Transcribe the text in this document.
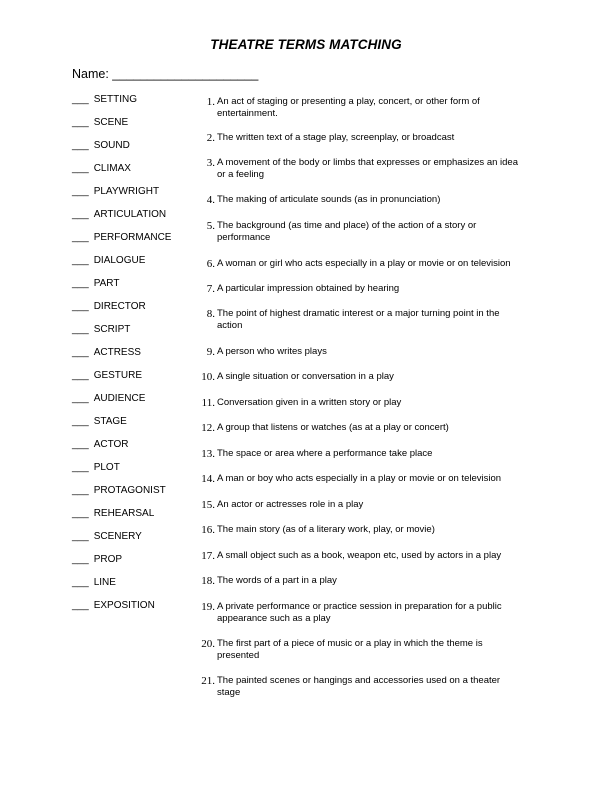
THEATRE TERMS MATCHING
Name: _____________________
___ SETTING
___ SCENE
___ SOUND
___ CLIMAX
___ PLAYWRIGHT
___ ARTICULATION
___ PERFORMANCE
___ DIALOGUE
___ PART
___ DIRECTOR
___ SCRIPT
___ ACTRESS
___ GESTURE
___ AUDIENCE
___ STAGE
___ ACTOR
___ PLOT
___ PROTAGONIST
___ REHEARSAL
___ SCENERY
___ PROP
___ LINE
___ EXPOSITION
1. An act of staging or presenting a play, concert, or other form of entertainment.
2. The written text of a stage play, screenplay, or broadcast
3. A movement of the body or limbs that expresses or emphasizes an idea or a feeling
4. The making of articulate sounds (as in pronunciation)
5. The background (as time and place) of the action of a story or performance
6. A woman or girl who acts especially in a play or movie or on television
7. A particular impression obtained by hearing
8. The point of highest dramatic interest or a major turning point in the action
9. A person who writes plays
10. A single situation or conversation in a play
11. Conversation given in a written story or play
12. A group that listens or watches (as at a play or concert)
13. The space or area where a performance take place
14. A man or boy who acts especially in a play or movie or on television
15. An actor or actresses role in a play
16. The main story (as of a literary work, play, or movie)
17. A small object such as a book, weapon etc, used by actors in a play
18. The words of a part in a play
19. A private performance or practice session in preparation for a public appearance such as a play
20. The first part of a piece of music or a play in which the theme is presented
21. The painted scenes or hangings and accessories used on a theater stage
